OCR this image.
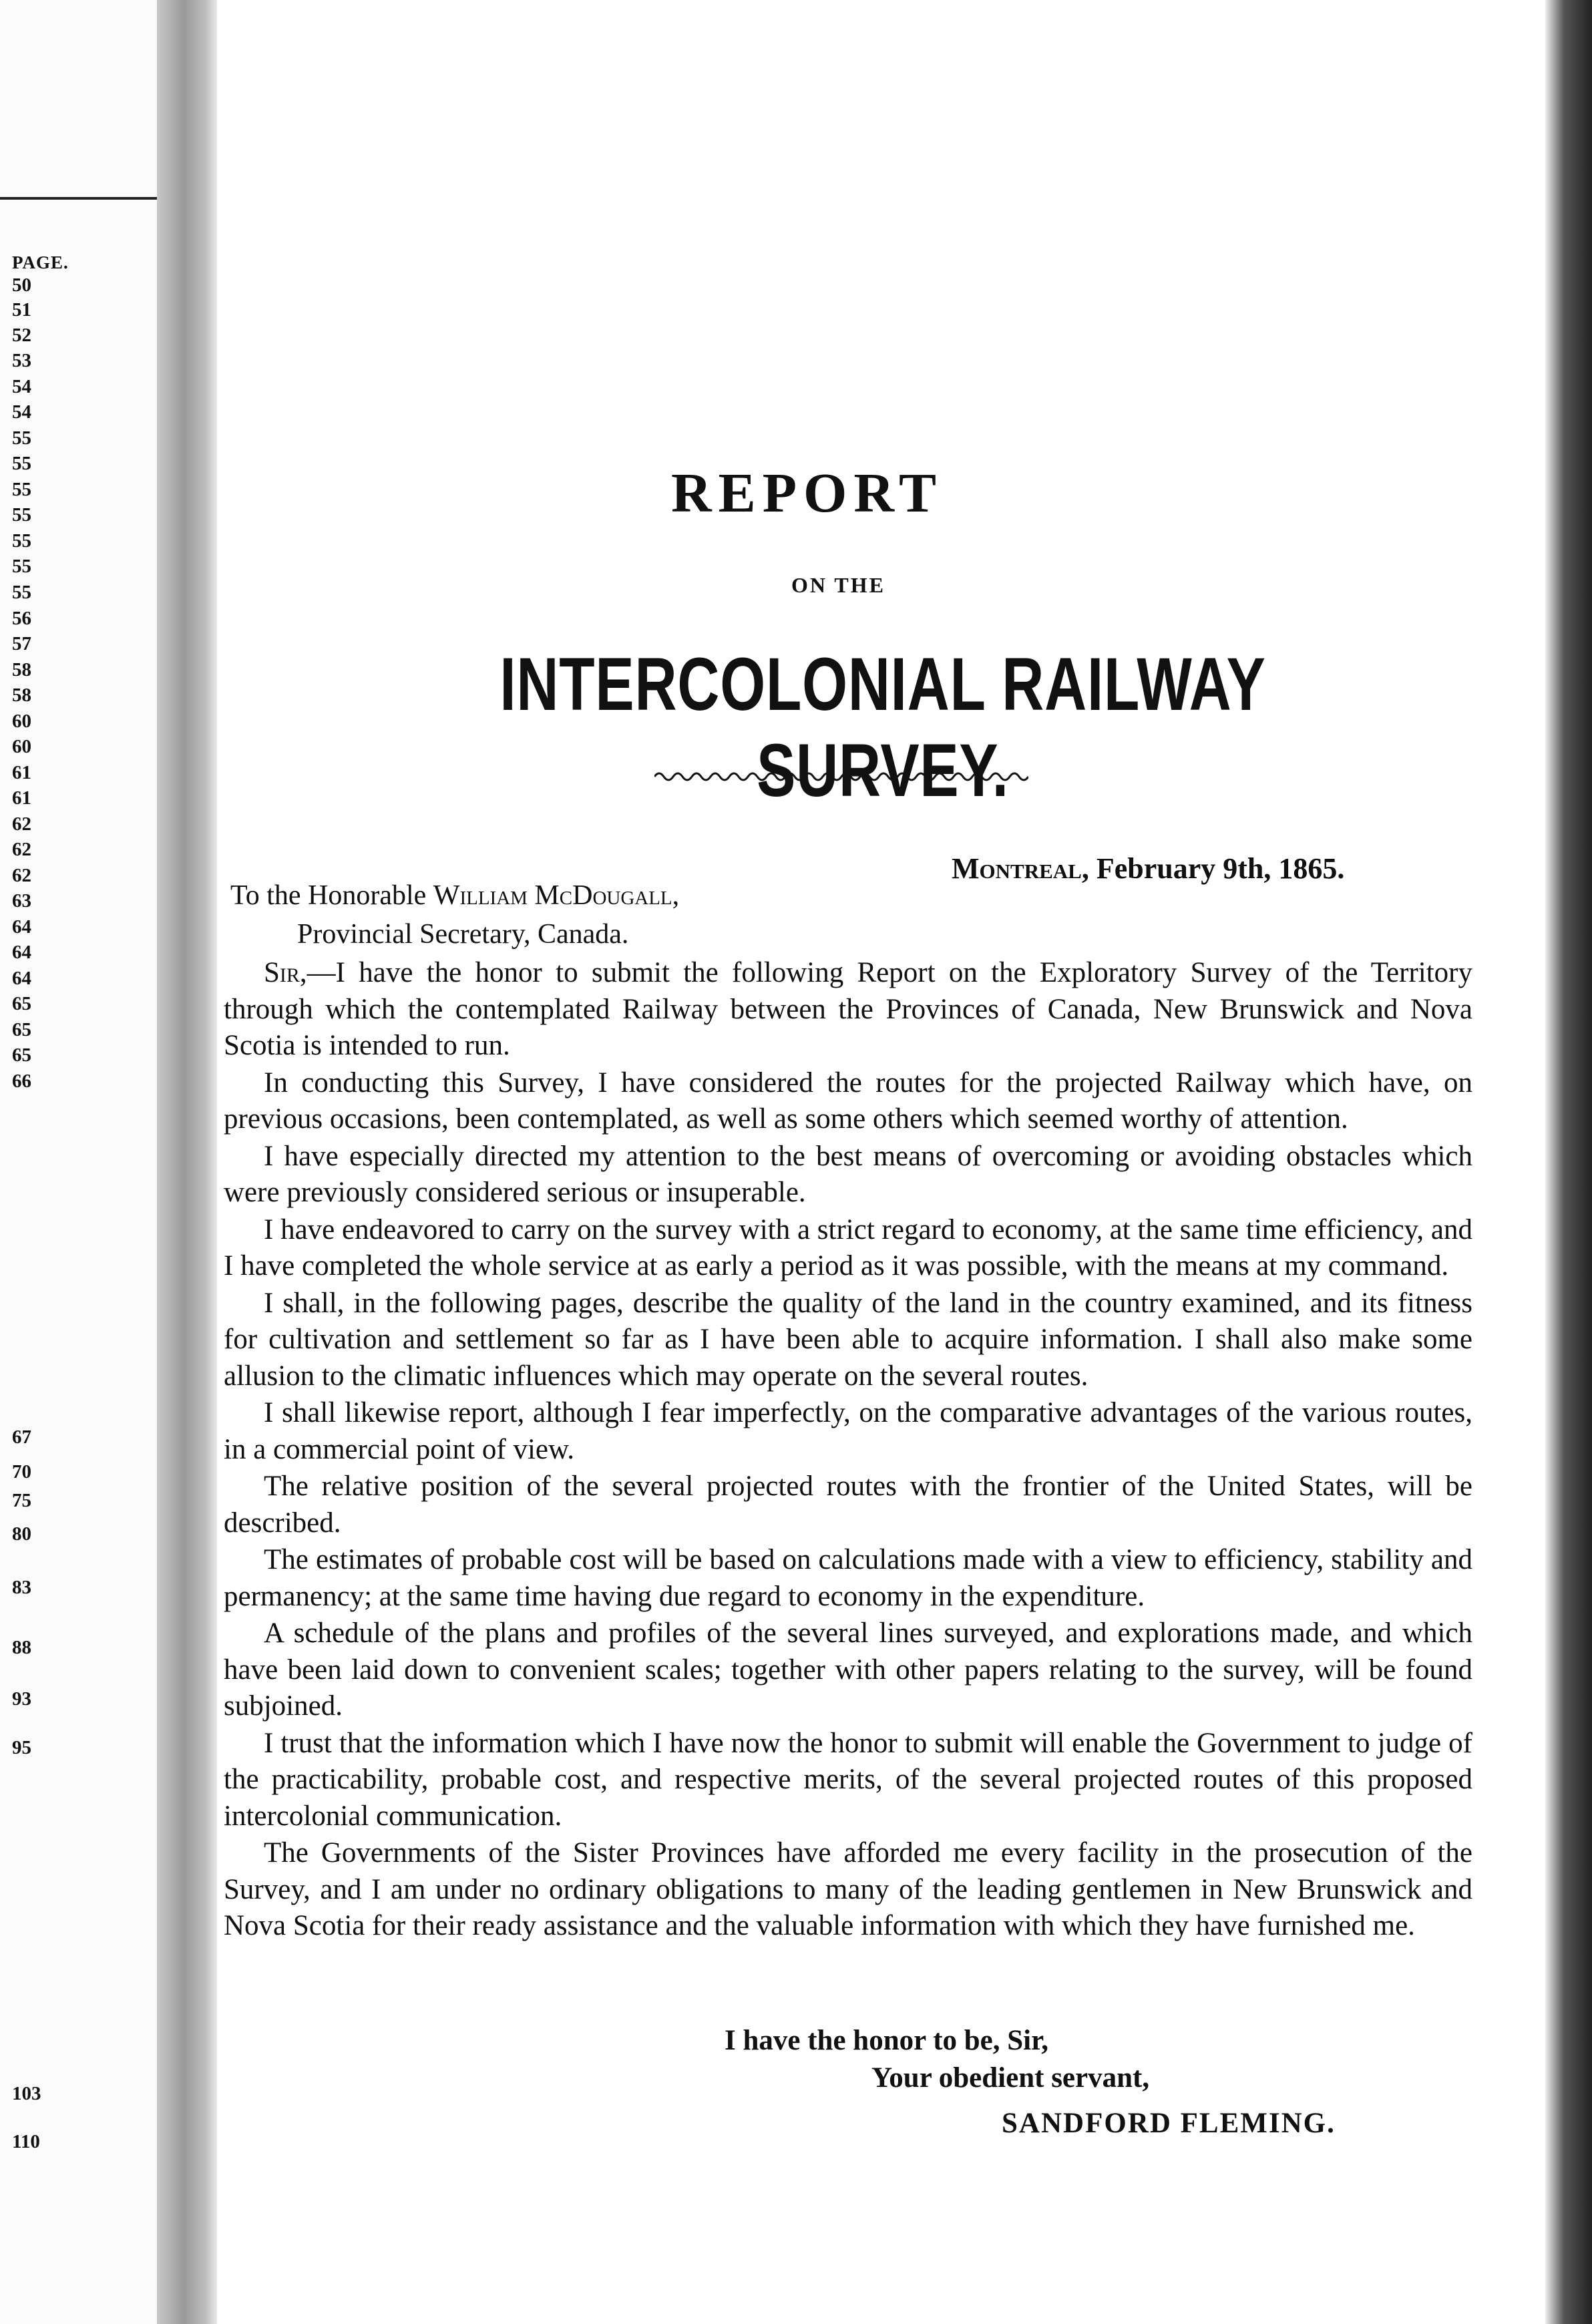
PAGE.
50
51
52
53
54
54
55
55
55
55
55
55
55
56
57
58
58
60
60
61
61
62
62
62
63
64
64
64
65
65
65
66
67
70
75
80
83
88
93
95
103
110
REPORT
ON THE
INTERCOLONIAL RAILWAY SURVEY.
Montreal, February 9th, 1865.
To the Honorable William McDougall,
Provincial Secretary, Canada.

Sir,—I have the honor to submit the following Report on the Exploratory Survey of the Territory through which the contemplated Railway between the Provinces of Canada, New Brunswick and Nova Scotia is intended to run.

In conducting this Survey, I have considered the routes for the projected Railway which have, on previous occasions, been contemplated, as well as some others which seemed worthy of attention.

I have especially directed my attention to the best means of overcoming or avoiding obstacles which were previously considered serious or insuperable.

I have endeavored to carry on the survey with a strict regard to economy, at the same time efficiency, and I have completed the whole service at as early a period as it was possible, with the means at my command.

I shall, in the following pages, describe the quality of the land in the country examined, and its fitness for cultivation and settlement so far as I have been able to acquire information. I shall also make some allusion to the climatic influences which may operate on the several routes.

I shall likewise report, although I fear imperfectly, on the comparative advantages of the various routes, in a commercial point of view.

The relative position of the several projected routes with the frontier of the United States, will be described.

The estimates of probable cost will be based on calculations made with a view to efficiency, stability and permanency; at the same time having due regard to economy in the expenditure.

A schedule of the plans and profiles of the several lines surveyed, and explorations made, and which have been laid down to convenient scales; together with other papers relating to the survey, will be found subjoined.

I trust that the information which I have now the honor to submit will enable the Government to judge of the practicability, probable cost, and respective merits, of the several projected routes of this proposed intercolonial communication.

The Governments of the Sister Provinces have afforded me every facility in the prosecution of the Survey, and I am under no ordinary obligations to many of the leading gentlemen in New Brunswick and Nova Scotia for their ready assistance and the valuable information with which they have furnished me.

I have the honor to be, Sir,
Your obedient servant,
SANDFORD FLEMING.
